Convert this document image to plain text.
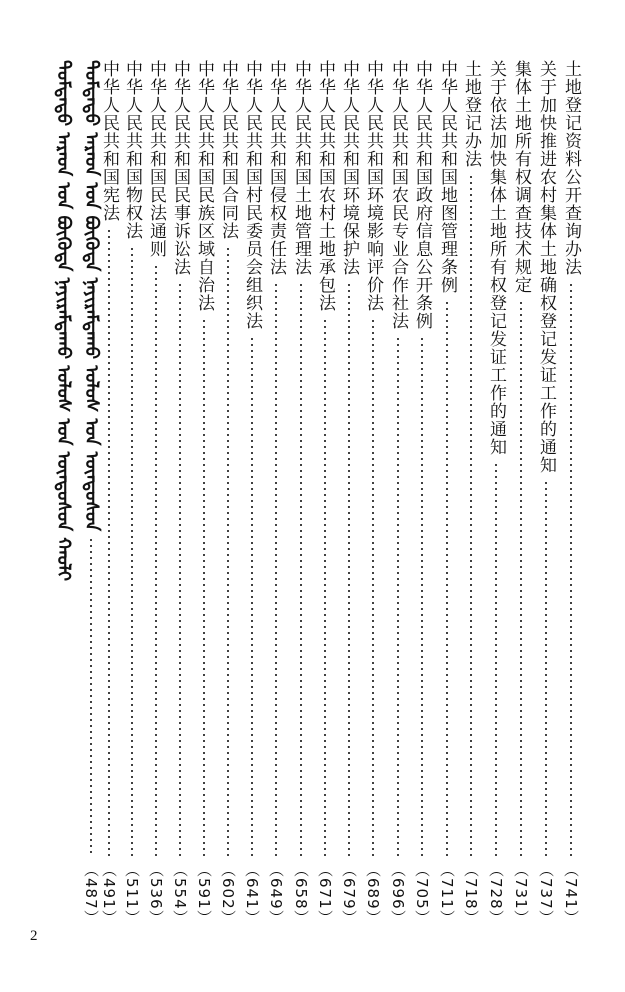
土地登记资料公开查询办法
（741）
关于加快推进农村集体土地确权登记发证工作的通知
（737）
集体土地所有权调查技术规定
（731）
关于依法加快集体土地所有权登记发证工作的通知
（728）
土地登记办法
（718）
中华人民共和国地图管理条例
（711）
中华人民共和国政府信息公开条例
（705）
中华人民共和国农民专业合作社法
（696）
中华人民共和国环境影响评价法
（689）
中华人民共和国环境保护法
（679）
中华人民共和国农村土地承包法
（671）
中华人民共和国土地管理法
（658）
中华人民共和国侵权责任法
（649）
中华人民共和国村民委员会组织法
（641）
中华人民共和国合同法
（602）
中华人民共和国民族区域自治法
（591）
中华人民共和国民事诉讼法
（554）
中华人民共和国民法通则
（536）
中华人民共和国物权法
（511）
中华人民共和国宪法
（491）
ᠳᠤᠮᠳᠠᠳᠤ ᠠᠷᠠᠳ ᠤᠨ ᠪᠦᠭᠦᠳᠡ ᠨᠠᠶᠢᠷᠠᠮᠳᠠᠬᠤ ᠤᠯᠤᠰ ᠤᠨ ᠦᠨᠳᠦᠰᠦᠨ ᠬᠠᠤᠯᠢ ᠳᠤᠮᠳᠠᠳᠤ ᠠᠷᠠᠳ ᠤᠨ ᠪᠦᠭᠦᠳᠡ ᠨᠠᠶᠢᠷᠠᠮᠳᠠᠬᠤ ᠤᠯᠤᠰ ᠤᠨ ᠦᠨᠳᠦᠰᠦᠨ
（487）
2
